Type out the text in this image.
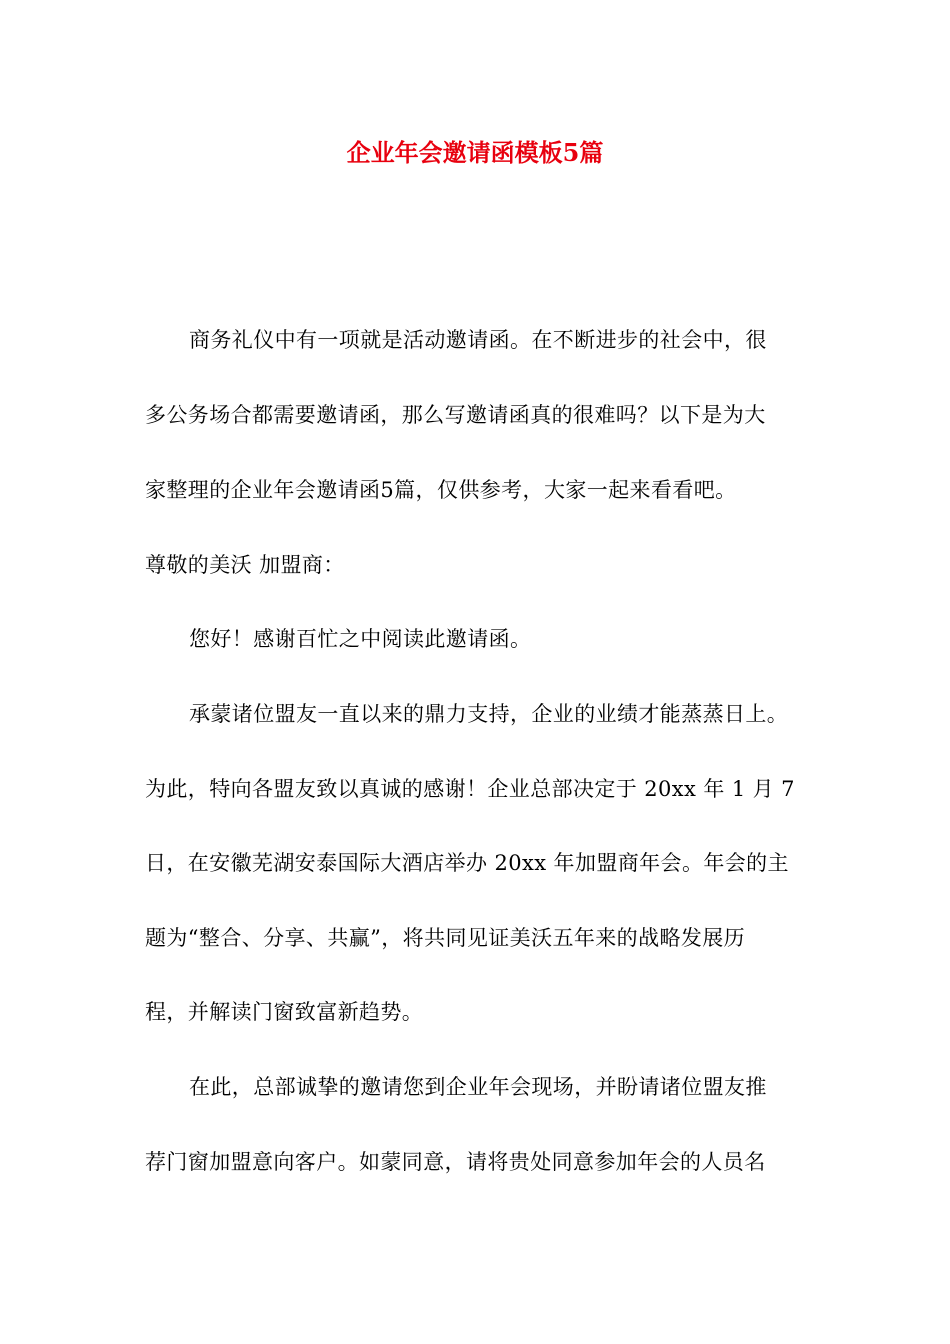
企业年会邀请函模板5篇
商务礼仪中有一项就是活动邀请函。在不断进步的社会中，很
多公务场合都需要邀请函，那么写邀请函真的很难吗？以下是为大
家整理的企业年会邀请函5篇，仅供参考，大家一起来看看吧。
尊敬的美沃 加盟商：
您好！感谢百忙之中阅读此邀请函。
承蒙诸位盟友一直以来的鼎力支持，企业的业绩才能蒸蒸日上。
为此，特向各盟友致以真诚的感谢！企业总部决定于 20xx 年 1 月 7
日，在安徽芜湖安泰国际大酒店举办 20xx 年加盟商年会。年会的主
题为“整合、分享、共赢”，将共同见证美沃五年来的战略发展历
程，并解读门窗致富新趋势。
在此，总部诚挚的邀请您到企业年会现场，并盼请诸位盟友推
荐门窗加盟意向客户。如蒙同意，请将贵处同意参加年会的人员名
